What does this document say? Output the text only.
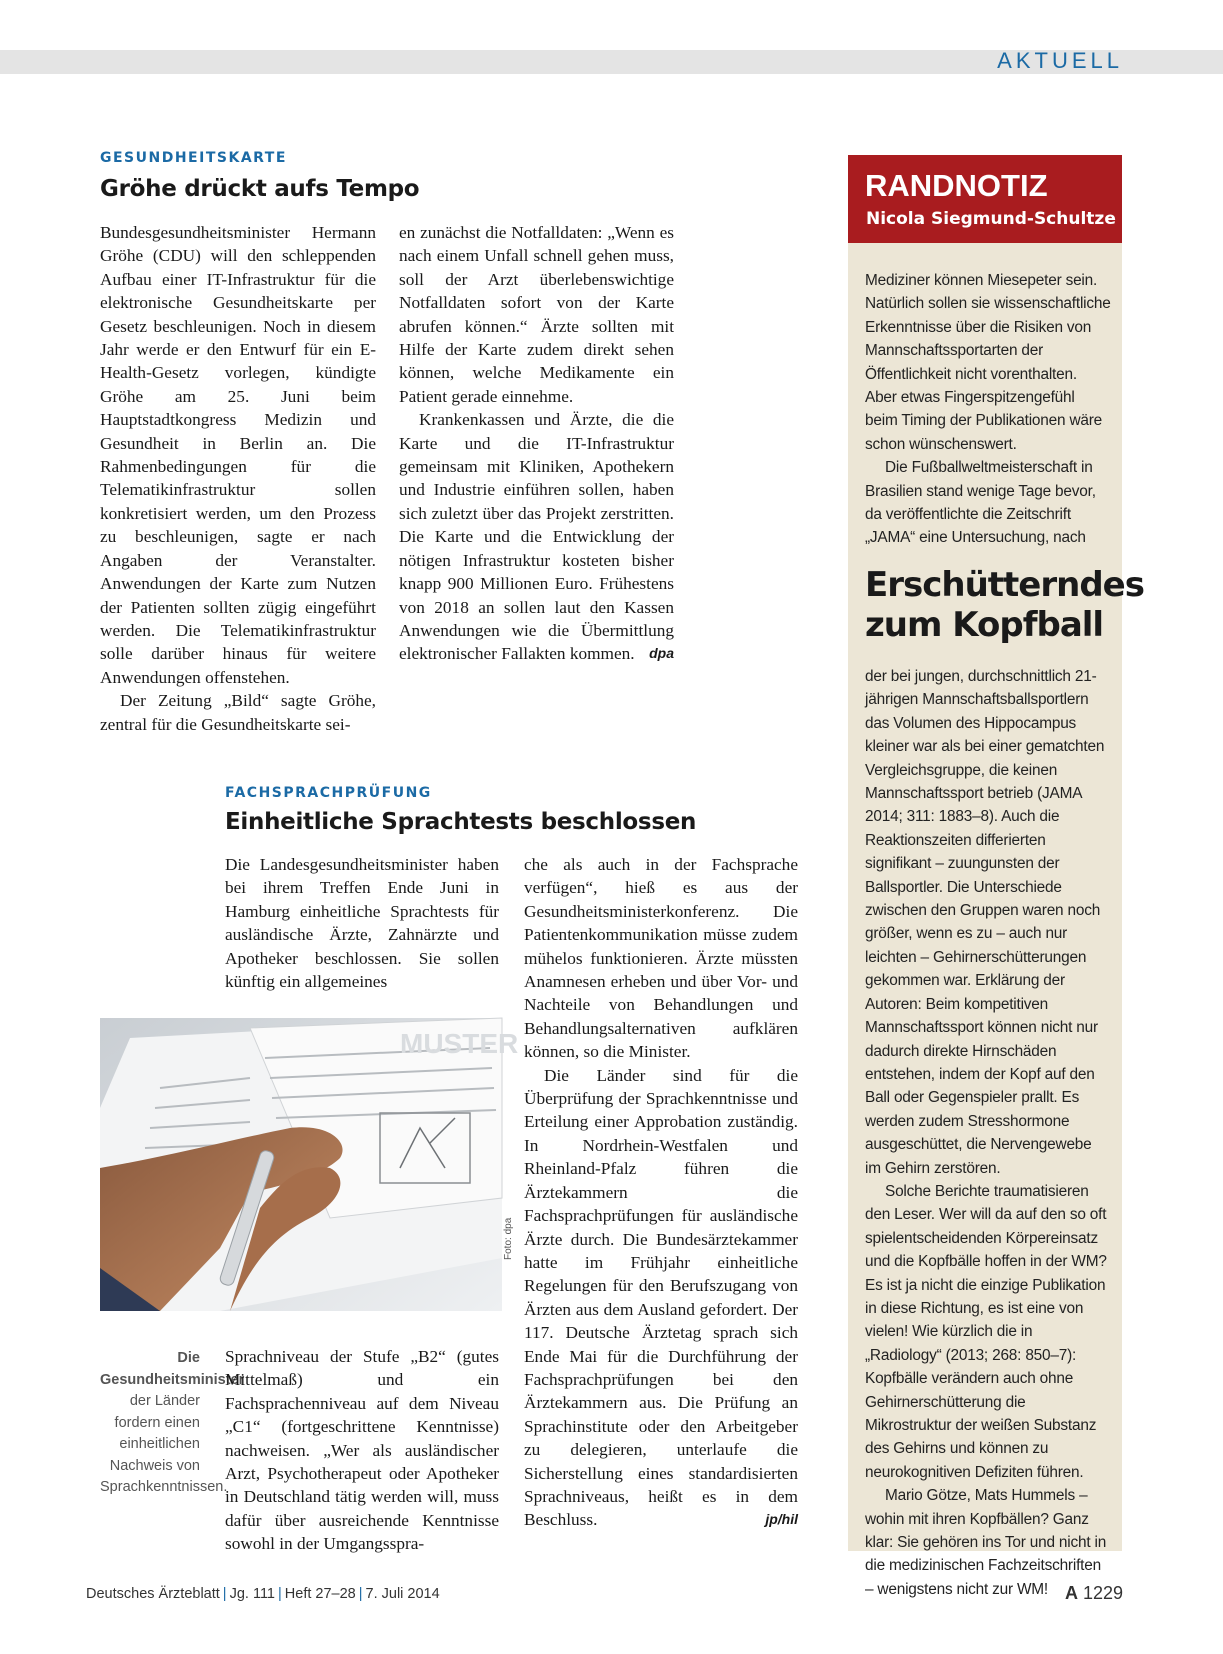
AKTUELL
GESUNDHEITSKARTE
Gröhe drückt aufs Tempo

Bundesgesundheitsminister Hermann Gröhe (CDU) will den schleppenden Aufbau einer IT-Infrastruktur für die elektronische Gesundheitskarte per Gesetz beschleunigen. Noch in diesem Jahr werde er den Entwurf für ein E-Health-Gesetz vorlegen, kündigte Gröhe am 25. Juni beim Hauptstadtkongress Medizin und Gesundheit in Berlin an. Die Rahmenbedingungen für die Telematikinfrastruktur sollen konkretisiert werden, um den Prozess zu beschleunigen, sagte er nach Angaben der Veranstalter. Anwendungen der Karte zum Nutzen der Patienten sollten zügig eingeführt werden. Die Telematikinfrastruktur solle darüber hinaus für weitere Anwendungen offenstehen.

Der Zeitung „Bild“ sagte Gröhe, zentral für die Gesundheitskarte sei-

en zunächst die Notfalldaten: „Wenn es nach einem Unfall schnell gehen muss, soll der Arzt überlebenswichtige Notfalldaten sofort von der Karte abrufen können.“ Ärzte sollten mit Hilfe der Karte zudem direkt sehen können, welche Medikamente ein Patient gerade einnehme.

Krankenkassen und Ärzte, die die Karte und die IT-Infrastruktur gemeinsam mit Kliniken, Apothekern und Industrie einführen sollen, haben sich zuletzt über das Projekt zerstritten. Die Karte und die Entwicklung der nötigen Infrastruktur kosteten bisher knapp 900 Millionen Euro. Frühestens von 2018 an sollen laut den Kassen Anwendungen wie die Übermittlung elektronischer Fallakten kommen.	dpa
FACHSPRACHPRÜFUNG
Einheitliche Sprachtests beschlossen

Die Landesgesundheitsminister haben bei ihrem Treffen Ende Juni in Hamburg einheitliche Sprachtests für ausländische Ärzte, Zahnärzte und Apotheker beschlossen. Sie sollen künftig ein allgemeines

MUSTER
Foto: dpa
Die Gesundheitsminister der Länder fordern einen einheitlichen Nachweis von Sprachkenntnissen.

Sprachniveau der Stufe „B2“ (gutes Mittelmaß) und ein Fachsprachenniveau auf dem Niveau „C1“ (fortgeschrittene Kenntnisse) nachweisen. „Wer als ausländischer Arzt, Psychotherapeut oder Apotheker in Deutschland tätig werden will, muss dafür über ausreichende Kenntnisse sowohl in der Umgangsspra-

che als auch in der Fachsprache verfügen“, hieß es aus der Gesundheitsministerkonferenz. Die Patientenkommunikation müsse zudem mühelos funktionieren. Ärzte müssten Anamnesen erheben und über Vor- und Nachteile von Behandlungen und Behandlungsalternativen aufklären können, so die Minister.

Die Länder sind für die Überprüfung der Sprachkenntnisse und Erteilung einer Approbation zuständig. In Nordrhein-Westfalen und Rheinland-Pfalz führen die Ärztekammern die Fachsprachprüfungen für ausländische Ärzte durch. Die Bundesärztekammer hatte im Frühjahr einheitliche Regelungen für den Berufszugang von Ärzten aus dem Ausland gefordert. Der 117. Deutsche Ärztetag sprach sich Ende Mai für die Durchführung der Fachsprachprüfungen bei den Ärztekammern aus. Die Prüfung an Sprachinstitute oder den Arbeitgeber zu delegieren, unterlaufe die Sicherstellung eines standardisierten Sprachniveaus, heißt es in dem Beschluss.	jp/hil
RANDNOTIZ
Nicola Siegmund-Schultze

Mediziner können Miesepeter sein. Natürlich sollen sie wissenschaftliche Erkenntnisse über die Risiken von Mannschaftssportarten der Öffentlichkeit nicht vorenthalten. Aber etwas Fingerspitzengefühl beim Timing der Publikationen wäre schon wünschenswert.

Die Fußballweltmeisterschaft in Brasilien stand wenige Tage bevor, da veröffentlichte die Zeitschrift „JAMA“ eine Untersuchung, nach

Erschütterndes zum Kopfball

der bei jungen, durchschnittlich 21-jährigen Mannschaftsballsportlern das Volumen des Hippocampus kleiner war als bei einer gematchten Vergleichsgruppe, die keinen Mannschaftssport betrieb (JAMA 2014; 311: 1883–8). Auch die Reaktionszeiten differierten signifikant – zuungunsten der Ballsportler. Die Unterschiede zwischen den Gruppen waren noch größer, wenn es zu – auch nur leichten – Gehirnerschütterungen gekommen war. Erklärung der Autoren: Beim kompetitiven Mannschaftssport können nicht nur dadurch direkte Hirnschäden entstehen, indem der Kopf auf den Ball oder Gegenspieler prallt. Es werden zudem Stresshormone ausgeschüttet, die Nervengewebe im Gehirn zerstören.

Solche Berichte traumatisieren den Leser. Wer will da auf den so oft spielentscheidenden Körpereinsatz und die Kopfbälle hoffen in der WM? Es ist ja nicht die einzige Publikation in diese Richtung, es ist eine von vielen! Wie kürzlich die in „Radiology“ (2013; 268: 850–7): Kopfbälle verändern auch ohne Gehirnerschütterung die Mikrostruktur der weißen Substanz des Gehirns und können zu neurokognitiven Defiziten führen.

Mario Götze, Mats Hummels – wohin mit ihren Kopfbällen? Ganz klar: Sie gehören ins Tor und nicht in die medizinischen Fachzeitschriften – wenigstens nicht zur WM!

Deutsches Ärzteblatt | Jg. 111 | Heft 27–28 | 7. Juli 2014	A 1229
